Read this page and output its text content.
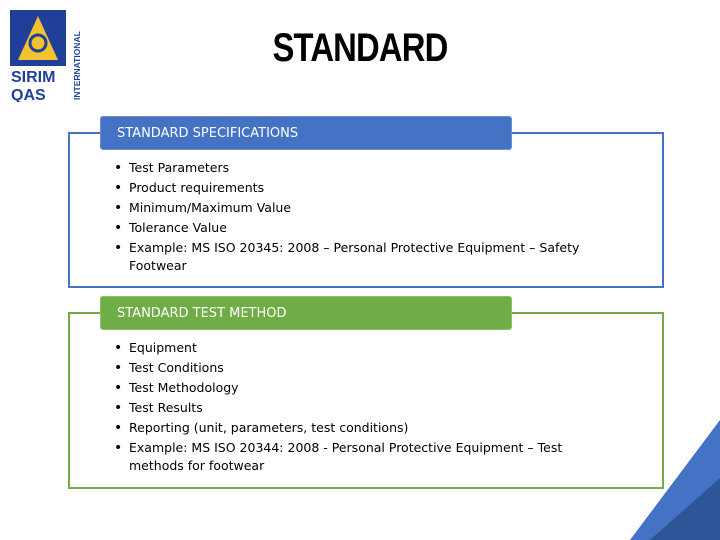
SIRIM
QAS	INTERNATIONAL	STANDARD
STANDARD SPECIFICATIONS
• Test Parameters
• Product requirements
• Minimum/Maximum Value
• Tolerance Value
• Example: MS ISO 20345: 2008 – Personal Protective Equipment – Safety Footwear
STANDARD TEST METHOD
• Equipment
• Test Conditions
• Test Methodology
• Test Results
• Reporting (unit, parameters, test conditions)
• Example: MS ISO 20344: 2008 - Personal Protective Equipment – Test methods for footwear
